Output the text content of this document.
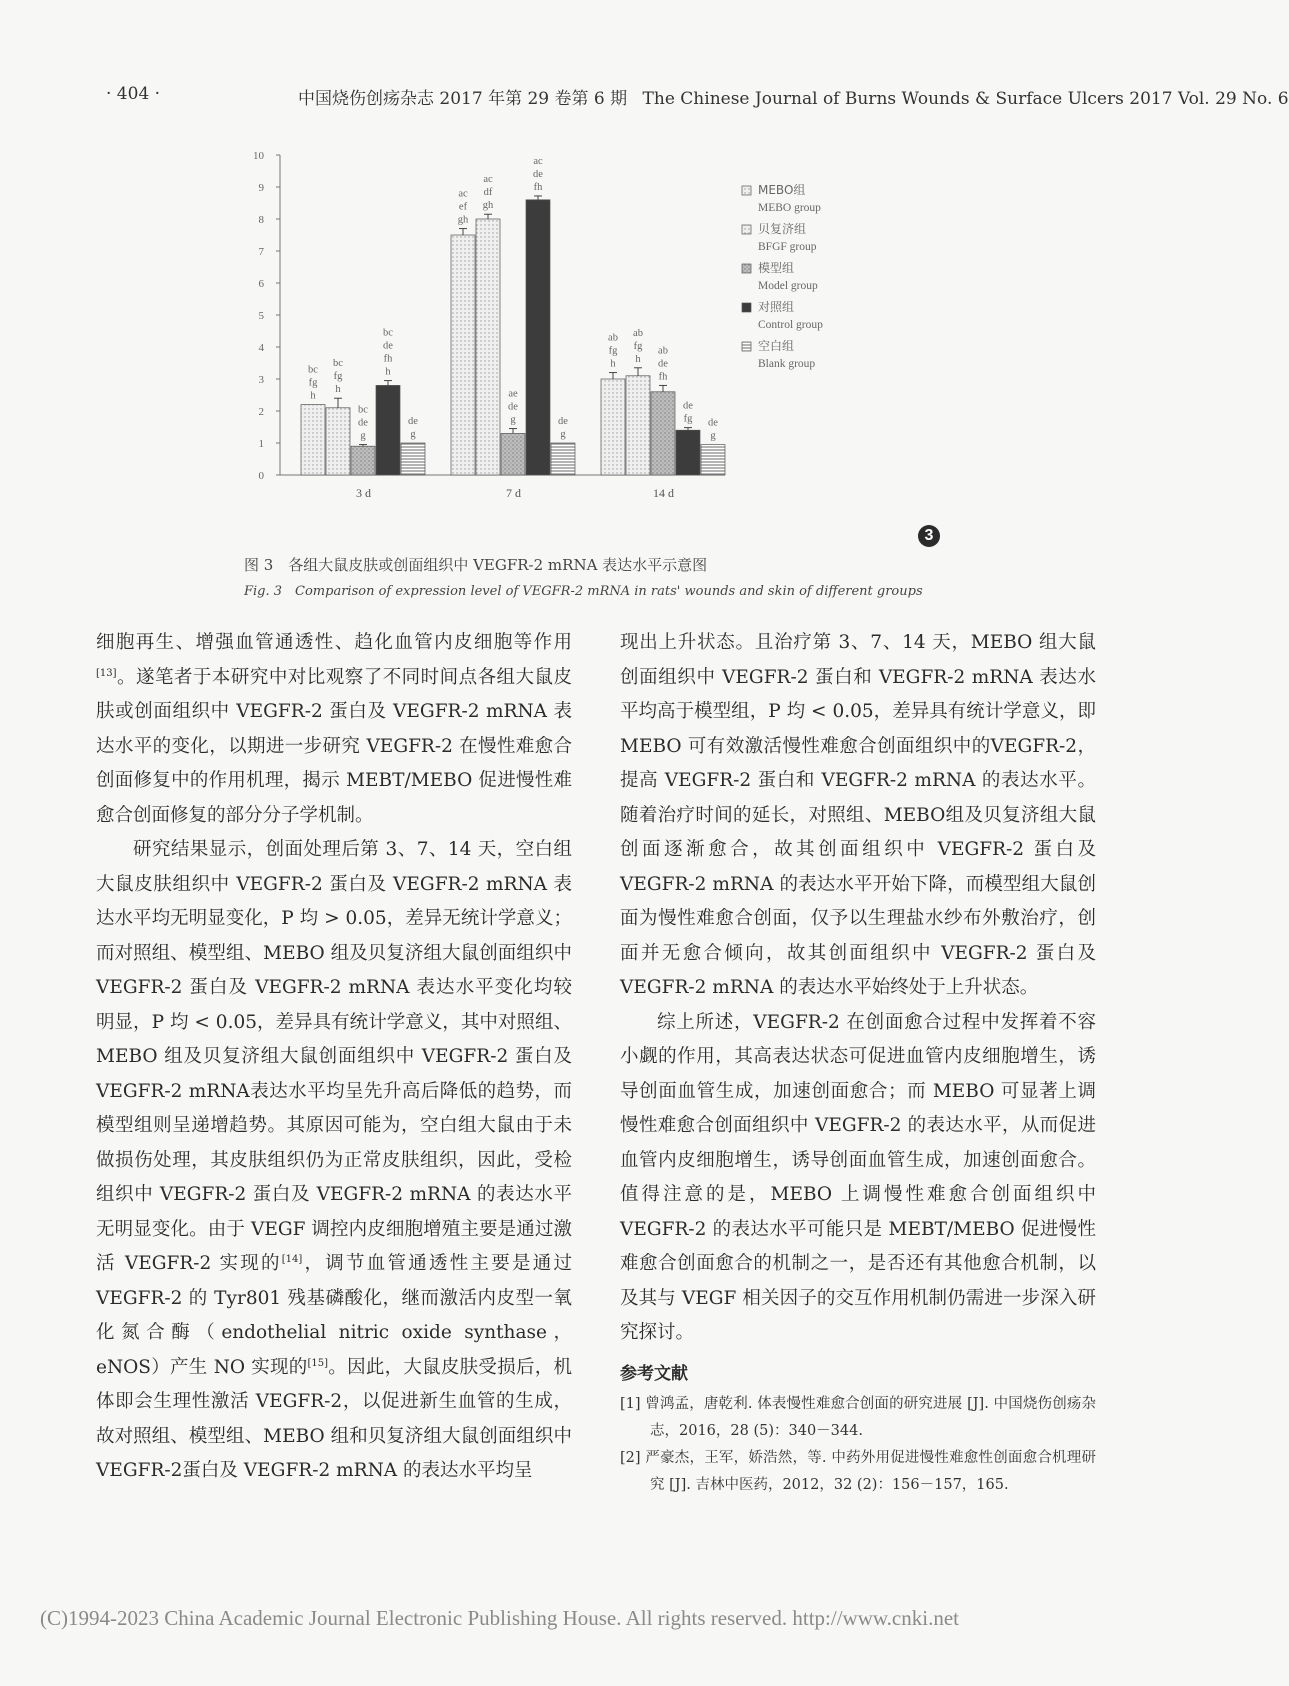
· 404 ·	中国烧伤创疡杂志 2017 年第 29 卷第 6 期 The Chinese Journal of Burns Wounds & Surface Ulcers 2017 Vol. 29 No. 6
0
1
2
3
4
5
6
7
8
9
10
bc
fg
h
bc
fg
h
bc
de
g
bc
de
fh
h
de
g
3 d
ac
ef
gh
ac
df
gh
ae
de
g
ac
de
fh
de
g
7 d
ab
fg
h
ab
fg
h
ab
de
fh
de
fg de
g
14 d
MEBO组
MEBO group
贝复济组
BFGF group
模型组
Model group
对照组
Control group
空白组
Blank group
3
图 3　各组大鼠皮肤或创面组织中 VEGFR-2 mRNA 表达水平示意图
Fig. 3　Comparison of expression level of VEGFR-2 mRNA in rats' wounds and skin of different groups

细胞再生、增强血管通透性、趋化血管内皮细胞等作用[13]。遂笔者于本研究中对比观察了不同时间点各组大鼠皮肤或创面组织中 VEGFR-2 蛋白及 VEGFR-2 mRNA 表达水平的变化，以期进一步研究 VEGFR-2 在慢性难愈合创面修复中的作用机理，揭示 MEBT/MEBO 促进慢性难愈合创面修复的部分分子学机制。

研究结果显示，创面处理后第 3、7、14 天，空白组大鼠皮肤组织中 VEGFR-2 蛋白及 VEGFR-2 mRNA 表达水平均无明显变化，P 均 > 0.05，差异无统计学意义；而对照组、模型组、MEBO 组及贝复济组大鼠创面组织中 VEGFR-2 蛋白及 VEGFR-2 mRNA 表达水平变化均较明显，P 均 < 0.05，差异具有统计学意义，其中对照组、MEBO 组及贝复济组大鼠创面组织中 VEGFR-2 蛋白及 VEGFR-2 mRNA表达水平均呈先升高后降低的趋势，而模型组则呈递增趋势。其原因可能为，空白组大鼠由于未做损伤处理，其皮肤组织仍为正常皮肤组织，因此，受检组织中 VEGFR-2 蛋白及 VEGFR-2 mRNA 的表达水平无明显变化。由于 VEGF 调控内皮细胞增殖主要是通过激活 VEGFR-2 实现的[14]，调节血管通透性主要是通过 VEGFR-2 的 Tyr801 残基磷酸化，继而激活内皮型一氧化氮合酶（endothelial nitric oxide synthase，eNOS）产生 NO 实现的[15]。因此，大鼠皮肤受损后，机体即会生理性激活 VEGFR-2，以促进新生血管的生成，故对照组、模型组、MEBO 组和贝复济组大鼠创面组织中 VEGFR-2蛋白及 VEGFR-2 mRNA 的表达水平均呈

现出上升状态。且治疗第 3、7、14 天，MEBO 组大鼠创面组织中 VEGFR-2 蛋白和 VEGFR-2 mRNA 表达水平均高于模型组，P 均 < 0.05，差异具有统计学意义，即 MEBO 可有效激活慢性难愈合创面组织中的VEGFR-2，提高 VEGFR-2 蛋白和 VEGFR-2 mRNA 的表达水平。随着治疗时间的延长，对照组、MEBO组及贝复济组大鼠创面逐渐愈合，故其创面组织中 VEGFR-2 蛋白及 VEGFR-2 mRNA 的表达水平开始下降，而模型组大鼠创面为慢性难愈合创面，仅予以生理盐水纱布外敷治疗，创面并无愈合倾向，故其创面组织中 VEGFR-2 蛋白及 VEGFR-2 mRNA 的表达水平始终处于上升状态。

综上所述，VEGFR-2 在创面愈合过程中发挥着不容小觑的作用，其高表达状态可促进血管内皮细胞增生，诱导创面血管生成，加速创面愈合；而 MEBO 可显著上调慢性难愈合创面组织中 VEGFR-2 的表达水平，从而促进血管内皮细胞增生，诱导创面血管生成，加速创面愈合。值得注意的是，MEBO 上调慢性难愈合创面组织中 VEGFR-2 的表达水平可能只是 MEBT/MEBO 促进慢性难愈合创面愈合的机制之一，是否还有其他愈合机制，以及其与 VEGF 相关因子的交互作用机制仍需进一步深入研究探讨。

参考文献
[1] 曾鸿孟，唐乾利. 体表慢性难愈合创面的研究进展 [J]. 中国烧伤创疡杂志，2016，28 (5)：340－344.
[2] 严豪杰，王军，娇浩然，等. 中药外用促进慢性难愈性创面愈合机理研究 [J]. 吉林中医药，2012，32 (2)：156－157，165.
(C)1994-2023 China Academic Journal Electronic Publishing House. All rights reserved. http://www.cnki.net
